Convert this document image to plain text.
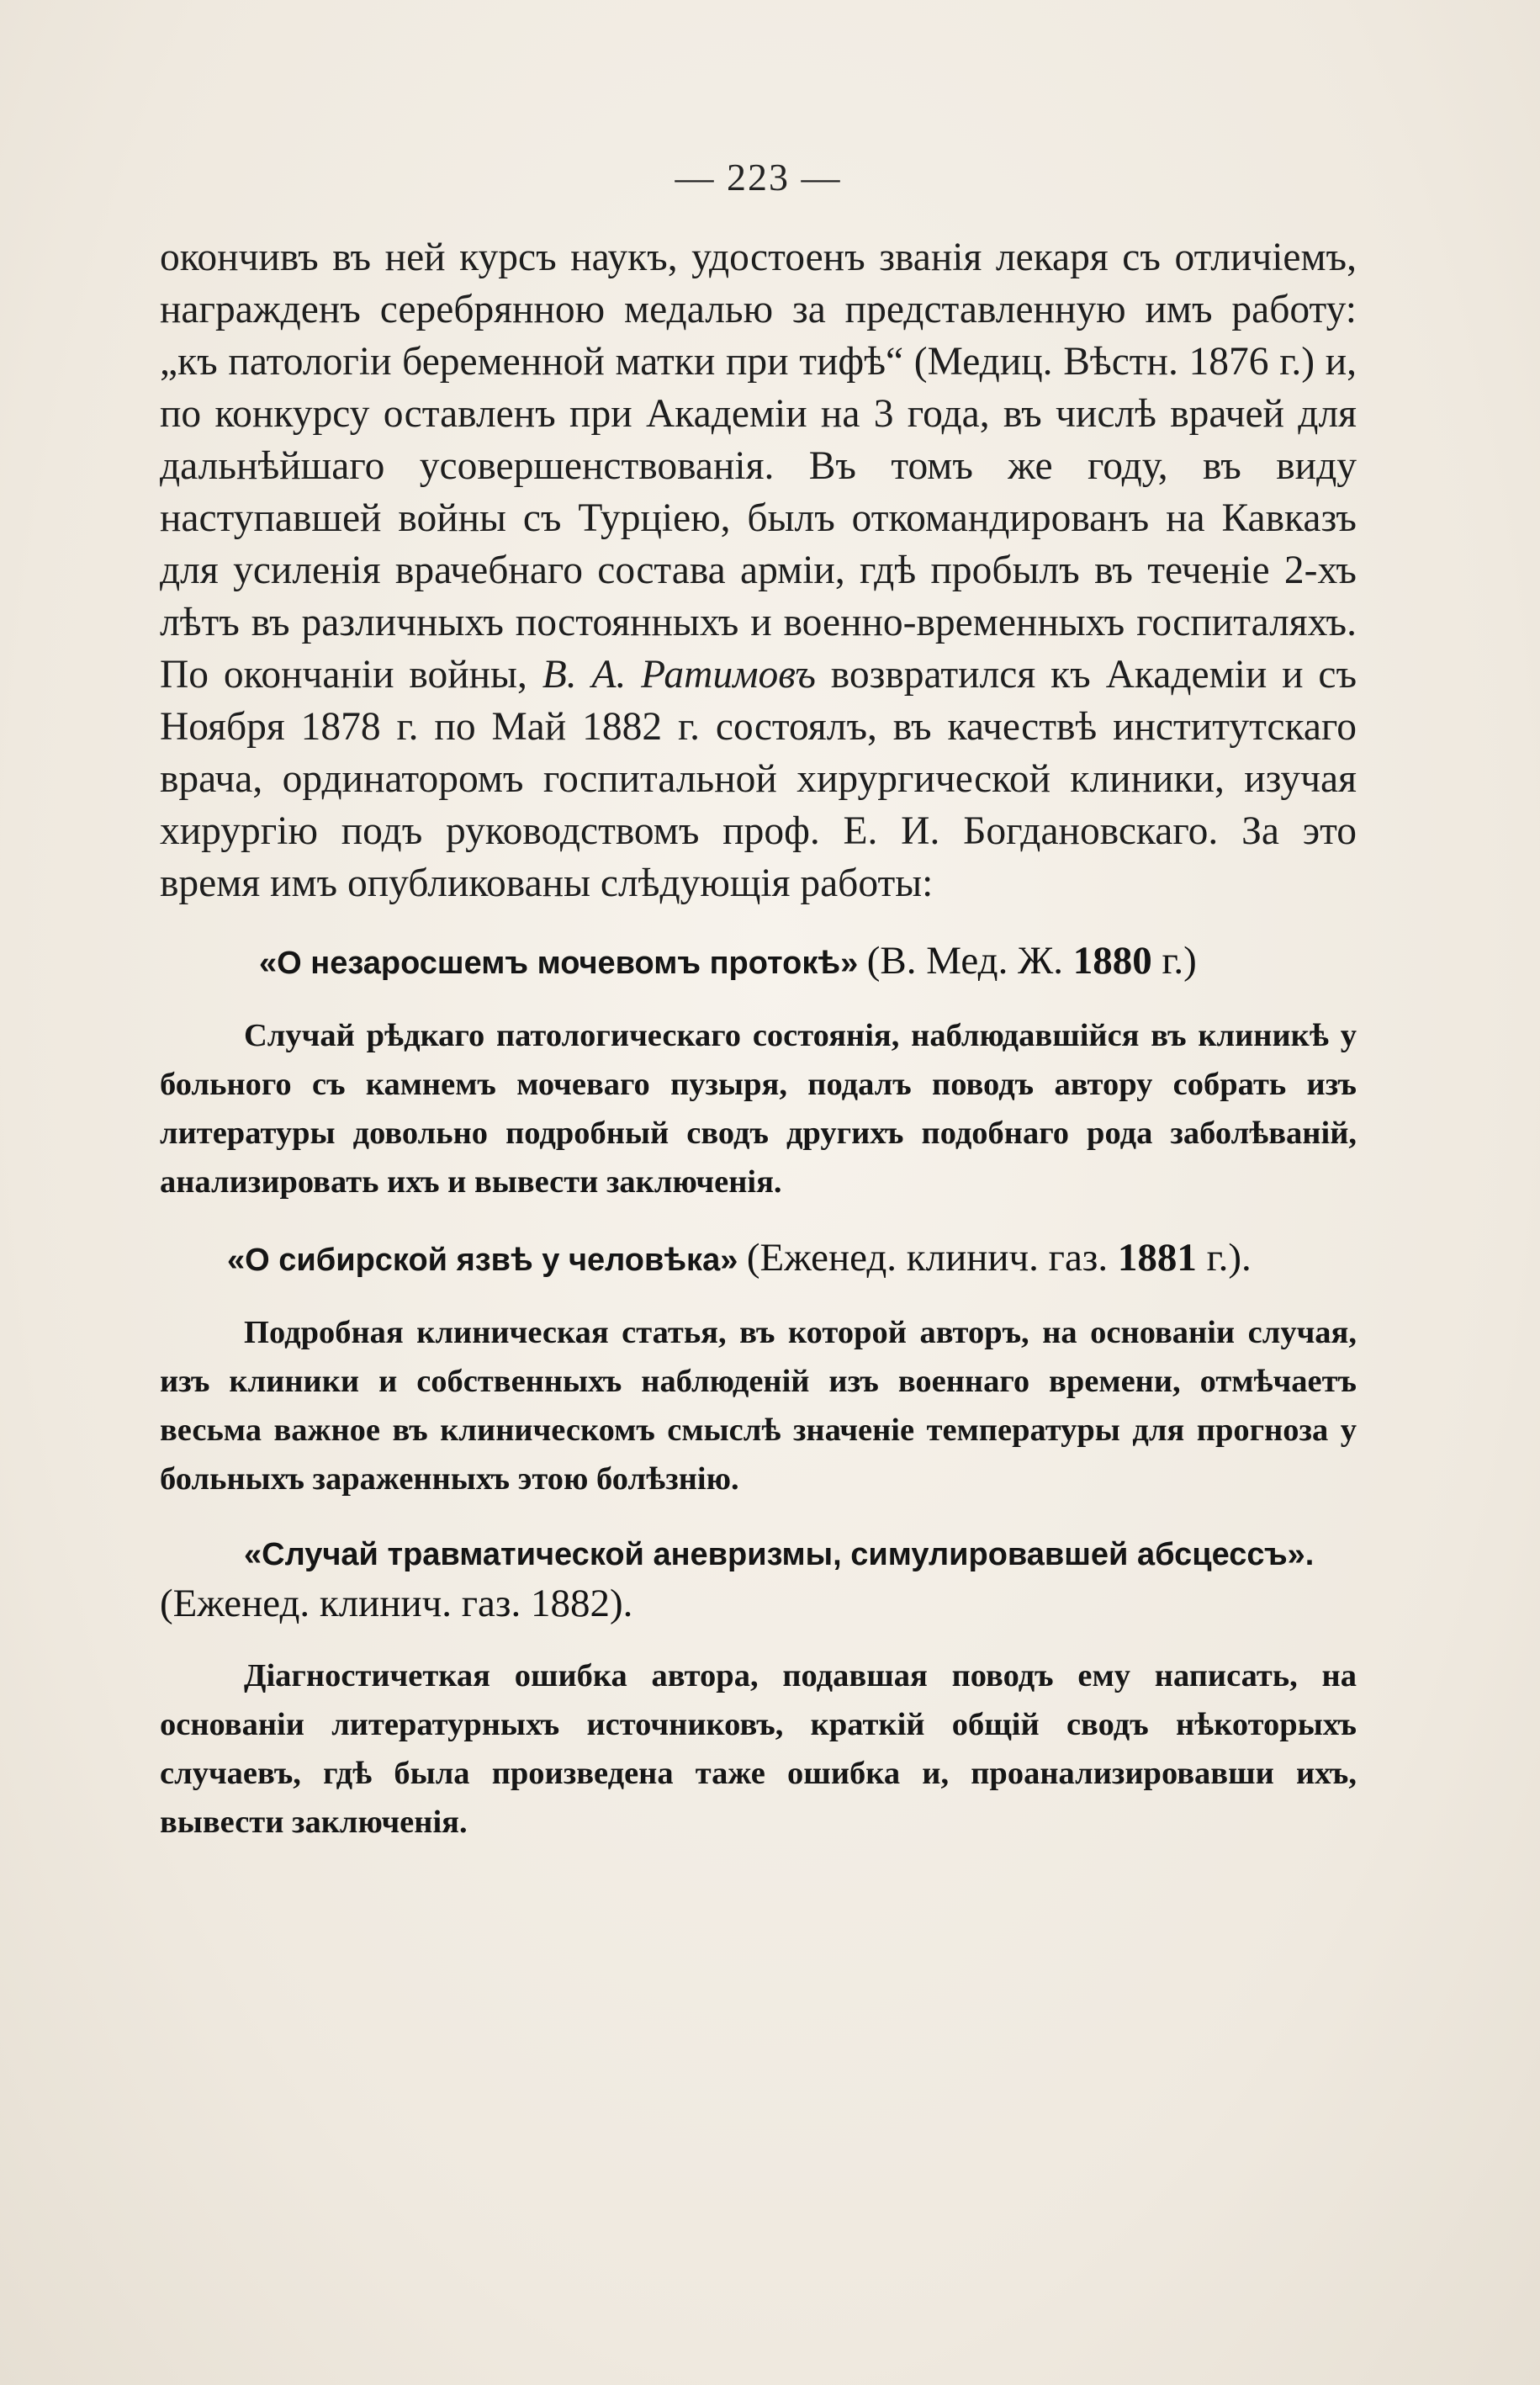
— 223 —

окончивъ въ ней курсъ наукъ, удостоенъ званія лекаря съ отличіемъ, награжденъ серебрянною медалью за представленную имъ работу: „къ патологіи беременной матки при тифѣ“ (Медиц. Вѣстн. 1876 г.) и, по конкурсу оставленъ при Академіи на 3 года, въ числѣ врачей для дальнѣйшаго усовершенствованія. Въ томъ же году, въ виду наступавшей войны съ Турціею, былъ откомандированъ на Кавказъ для усиленія врачебнаго состава арміи, гдѣ пробылъ въ теченіе 2-хъ лѣтъ въ различныхъ постоянныхъ и военно-временныхъ госпиталяхъ. По окончаніи войны, В. А. Ратимовъ возвратился къ Академіи и съ Ноября 1878 г. по Май 1882 г. состоялъ, въ качествѣ институтскаго врача, ординаторомъ госпитальной хирургической клиники, изучая хирургію подъ руководствомъ проф. Е. И. Богдановскаго. За это время имъ опубликованы слѣдующія работы:

«О незаросшемъ мочевомъ протокѣ» (В. Мед. Ж. 1880 г.)

Случай рѣдкаго патологическаго состоянія, наблюдавшійся въ клиникѣ у больного съ камнемъ мочеваго пузыря, подалъ поводъ автору собрать изъ литературы довольно подробный сводъ другихъ подобнаго рода заболѣваній, анализировать ихъ и вывести заключенія.

«О сибирской язвѣ у человѣка» (Еженед. клинич. газ. 1881 г.).

Подробная клиническая статья, въ которой авторъ, на основаніи случая, изъ клиники и собственныхъ наблюденій изъ военнаго времени, отмѣчаетъ весьма важное въ клиническомъ смыслѣ значеніе температуры для прогноза у больныхъ зараженныхъ этою болѣзнію.

«Случай травматической аневризмы, симулировавшей абсцессъ».
(Еженед. клинич. газ. 1882).

Діагностичеткая ошибка автора, подавшая поводъ ему написать, на основаніи литературныхъ источниковъ, краткій общій сводъ нѣкоторыхъ случаевъ, гдѣ была произведена таже ошибка и, проанализировавши ихъ, вывести заключенія.
